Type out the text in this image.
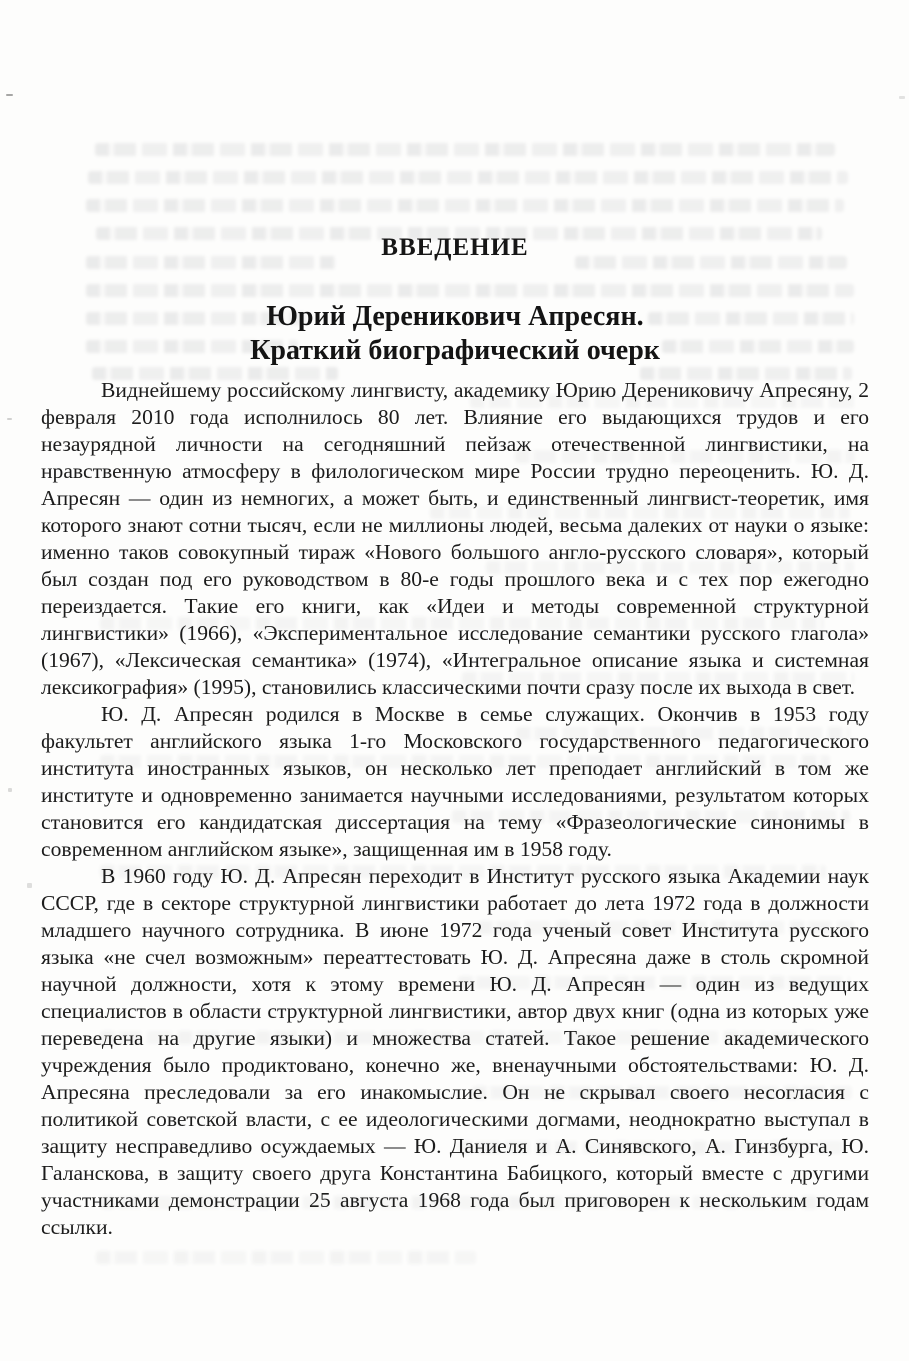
ВВЕДЕНИЕ
Юрий Дереникович Апресян.
Краткий биографический очерк

Виднейшему российскому лингвисту, академику Юрию Дерениковичу Апресяну, 2 февраля 2010 года исполнилось 80 лет. Влияние его выдающихся трудов и его незаурядной личности на сегодняшний пейзаж отечественной лингвистики, на нравственную атмосферу в филологическом мире России трудно переоценить. Ю. Д. Апресян — один из немногих, а может быть, и единственный лингвист-теоретик, имя которого знают сотни тысяч, если не миллионы людей, весьма далеких от науки о языке: именно таков совокупный тираж «Нового большого англо-русского словаря», который был создан под его руководством в 80-е годы прошлого века и с тех пор ежегодно переиздается. Такие его книги, как «Идеи и методы современной структурной лингвистики» (1966), «Экспериментальное исследование семантики русского глагола» (1967), «Лексическая семантика» (1974), «Интегральное описание языка и системная лексикография» (1995), становились классическими почти сразу после их выхода в свет.

Ю. Д. Апресян родился в Москве в семье служащих. Окончив в 1953 году факультет английского языка 1-го Московского государственного педагогического института иностранных языков, он несколько лет преподает английский в том же институте и одновременно занимается научными исследованиями, результатом которых становится его кандидатская диссертация на тему «Фразеологические синонимы в современном английском языке», защищенная им в 1958 году.

В 1960 году Ю. Д. Апресян переходит в Институт русского языка Академии наук СССР, где в секторе структурной лингвистики работает до лета 1972 года в должности младшего научного сотрудника. В июне 1972 года ученый совет Института русского языка «не счел возможным» переаттестовать Ю. Д. Апресяна даже в столь скромной научной должности, хотя к этому времени Ю. Д. Апресян — один из ведущих специалистов в области структурной лингвистики, автор двух книг (одна из которых уже переведена на другие языки) и множества статей. Такое решение академического учреждения было продиктовано, конечно же, вненаучными обстоятельствами: Ю. Д. Апресяна преследовали за его инакомыслие. Он не скрывал своего несогласия с политикой советской власти, с ее идеологическими догмами, неоднократно выступал в защиту несправедливо осуждаемых — Ю. Даниеля и А. Синявского, А. Гинзбурга, Ю. Галанскова, в защиту своего друга Константина Бабицкого, который вместе с другими участниками демонстрации 25 августа 1968 года был приговорен к нескольким годам ссылки.
